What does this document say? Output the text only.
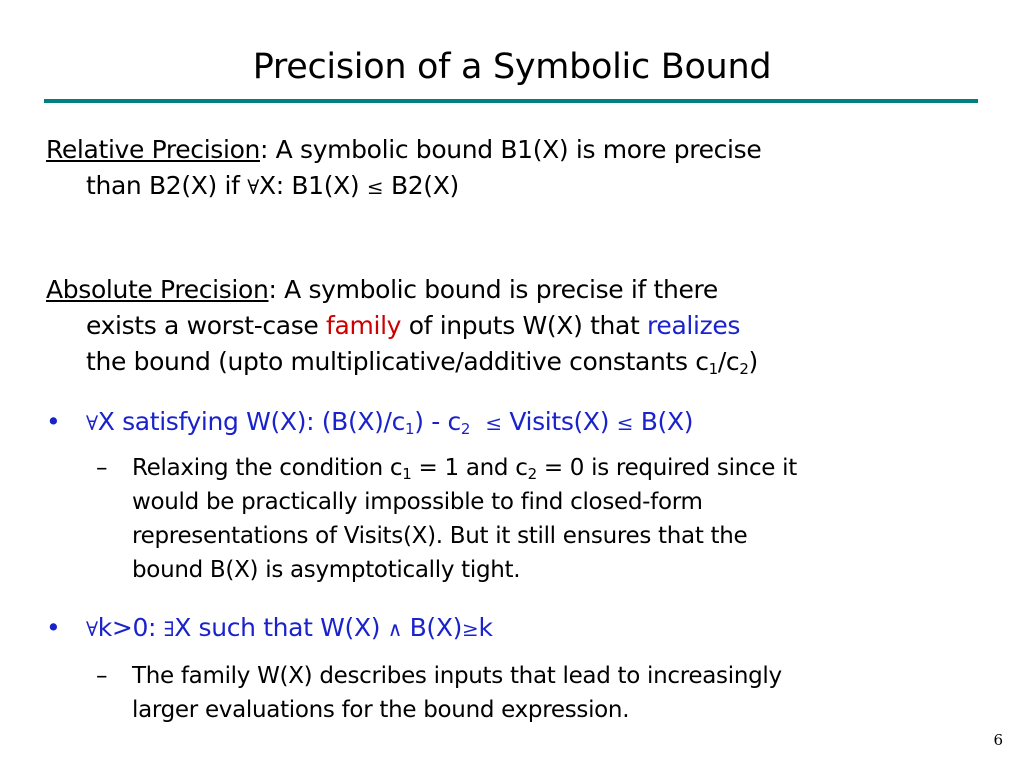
Precision of a Symbolic Bound
Relative Precision: A symbolic bound B1(X) is more precise
than B2(X) if ∀X: B1(X) ≤ B2(X)
Absolute Precision: A symbolic bound is precise if there
exists a worst-case family of inputs W(X) that realizes
the bound (upto multiplicative/additive constants $c_1/c_2$)
• ∀X satisfying W(X): $(B(X)/c_1) - c_2$ ≤ Visits(X) ≤ B(X)
– Relaxing the condition $c_1 = 1$ and $c_2 = 0$ is required since it
would be practically impossible to find closed-form
representations of Visits(X). But it still ensures that the
bound B(X) is asymptotically tight.
• ∀k>0: ∃X such that W(X) ∧ B(X)≥k
– The family W(X) describes inputs that lead to increasingly
larger evaluations for the bound expression.
6
